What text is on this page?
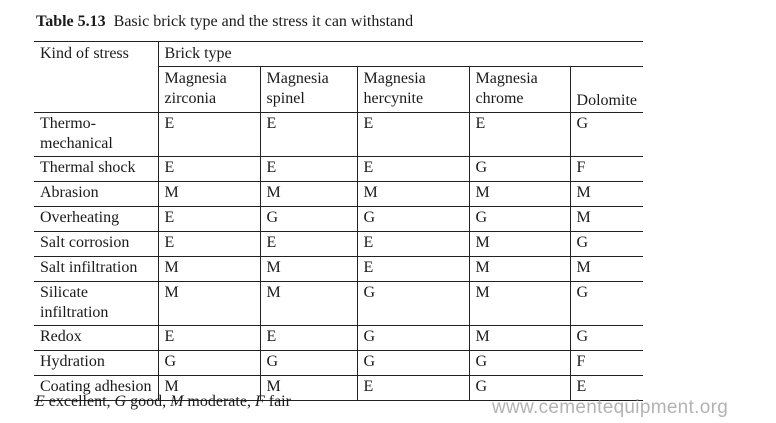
Table 5.13 Basic brick type and the stress it can withstand
Kind of stress	Brick type				
	Magnesia zirconia	Magnesia spinel	Magnesia hercynite	Magnesia chrome	Dolomite
Thermo-mechanical	E	E	E	E	G
Thermal shock	E	E	E	G	F
Abrasion	M	M	M	M	M
Overheating	E	G	G	G	M
Salt corrosion	E	E	E	M	G
Salt infiltration	M	M	E	M	M
Silicate infiltration	M	M	G	M	G
Redox	E	E	G	M	G
Hydration	G	G	G	G	F
Coating adhesion	M	M	E	G	E
E excellent, G good, M moderate, F fair	www.cementequipment.org
